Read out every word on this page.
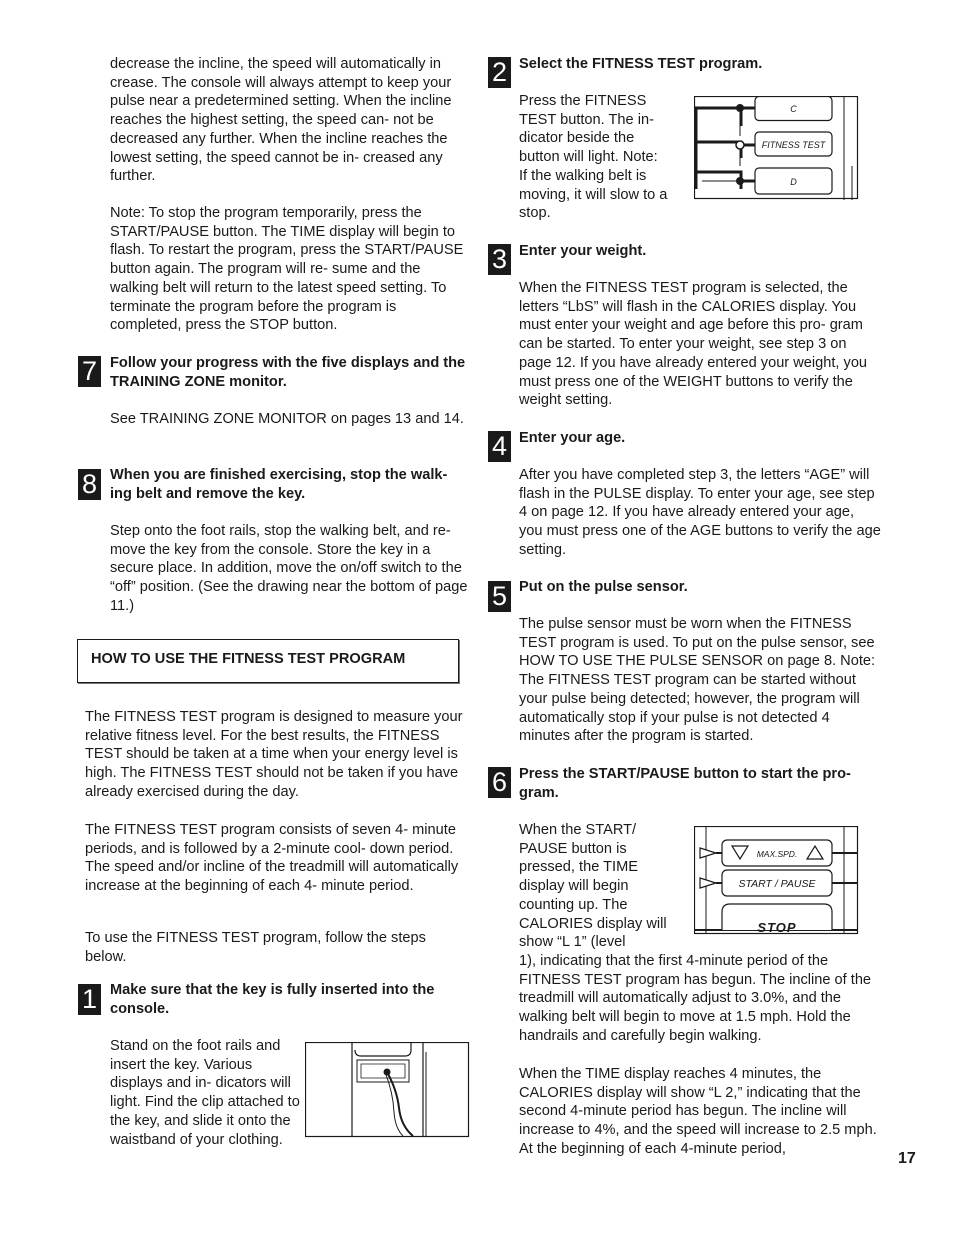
decrease the incline, the speed will automatically in crease. The console will always attempt to keep your pulse near a predetermined setting. When the incline reaches the highest setting, the speed can- not be decreased any further. When the incline reaches the lowest setting, the speed cannot be in- creased any further.

Note: To stop the program temporarily, press the START/PAUSE button. The TIME display will begin to flash. To restart the program, press the START/PAUSE button again. The program will re- sume and the walking belt will return to the latest speed setting. To terminate the program before the program is completed, press the STOP button.

7 Follow your progress with the five displays and the TRAINING ZONE monitor.

See TRAINING ZONE MONITOR on pages 13 and 14.

8 When you are finished exercising, stop the walk- ing belt and remove the key.

Step onto the foot rails, stop the walking belt, and re- move the key from the console. Store the key in a secure place. In addition, move the on/off switch to the “off” position. (See the drawing near the bottom of page 11.)

HOW TO USE THE FITNESS TEST PROGRAM

The FITNESS TEST program is designed to measure your relative fitness level. For the best results, the FITNESS TEST should be taken at a time when your energy level is high. The FITNESS TEST should not be taken if you have already exercised during the day.

The FITNESS TEST program consists of seven 4- minute periods, and is followed by a 2-minute cool- down period. The speed and/or incline of the treadmill will automatically increase at the beginning of each 4- minute period.

To use the FITNESS TEST program, follow the steps below.

1 Make sure that the key is fully inserted into the console.

Stand on the foot rails and insert the key. Various displays and in- dicators will light. Find the clip attached to the key, and slide it onto the waistband of your clothing.

2 Select the FITNESS TEST program.

Press the FITNESS TEST button. The in- dicator beside the button will light. Note: If the walking belt is moving, it will slow to a stop.

C
FITNESS TEST
D
3 Enter your weight.

When the FITNESS TEST program is selected, the letters “LbS” will flash in the CALORIES display. You must enter your weight and age before this pro- gram can be started. To enter your weight, see step 3 on page 12. If you have already entered your weight, you must press one of the WEIGHT buttons to verify the weight setting.

4 Enter your age.

After you have completed step 3, the letters “AGE” will flash in the PULSE display. To enter your age, see step 4 on page 12. If you have already entered your age, you must press one of the AGE buttons to verify the age setting.

5 Put on the pulse sensor.

The pulse sensor must be worn when the FITNESS TEST program is used. To put on the pulse sensor, see HOW TO USE THE PULSE SENSOR on page 8. Note: The FITNESS TEST program can be started without your pulse being detected; however, the program will automatically stop if your pulse is not detected 4 minutes after the program is started.

6 Press the START/PAUSE button to start the pro- gram.

When the START/ PAUSE button is pressed, the TIME display will begin counting up. The CALORIES display will show “L 1” (level

1), indicating that the first 4-minute period of the FITNESS TEST program has begun. The incline of the treadmill will automatically adjust to 3.0%, and the walking belt will begin to move at 1.5 mph. Hold the handrails and carefully begin walking.

MAX.SPD.
START / PAUSE
STOP

When the TIME display reaches 4 minutes, the CALORIES display will show “L 2,” indicating that the second 4-minute period has begun. The incline will increase to 4%, and the speed will increase to 2.5 mph. At the beginning of each 4-minute period,

17
